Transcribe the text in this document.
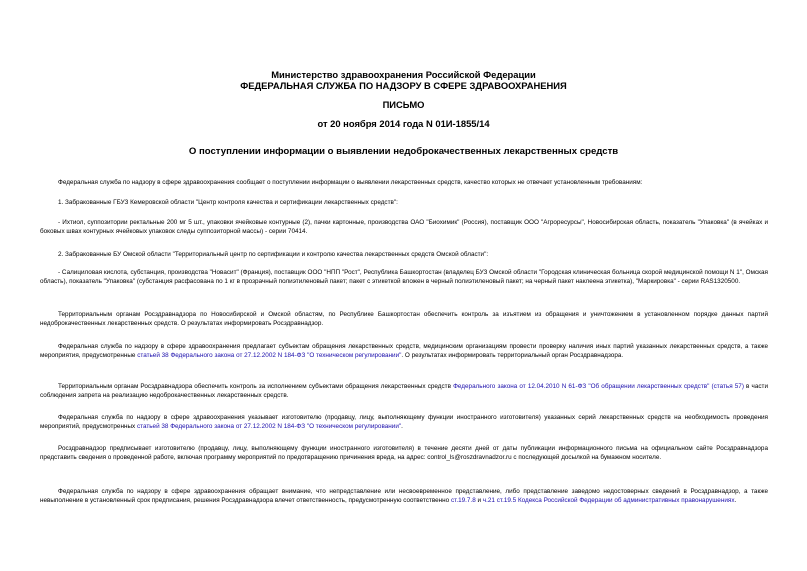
Министерство здравоохранения Российской Федерации
ФЕДЕРАЛЬНАЯ СЛУЖБА ПО НАДЗОРУ В СФЕРЕ ЗДРАВООХРАНЕНИЯ
ПИСЬМО
от 20 ноября 2014 года N 01И-1855/14
О поступлении информации о выявлении недоброкачественных лекарственных средств

Федеральная служба по надзору в сфере здравоохранения сообщает о поступлении информации о выявлении лекарственных средств, качество которых не отвечает установленным требованиям:

1. Забракованные ГБУЗ Кемеровской области "Центр контроля качества и сертификации лекарственных средств":

- Ихтиол, суппозитории ректальные 200 мг 5 шт., упаковки ячейковые контурные (2), пачки картонные, производства ОАО "Биохимик" (Россия), поставщик ООО "Агроресурсы", Новосибирская область, показатель "Упаковка" (в ячейках и боковых швах контурных ячейковых упаковок следы суппозиторной массы) - серии 70414.

2. Забракованные БУ Омской области "Территориальный центр по сертификации и контролю качества лекарственных средств Омской области":

- Салициловая кислота, субстанция, производства "Новасит" (Франция), поставщик ООО "НПП "Рост", Республика Башкортостан (владелец БУЗ Омской области "Городская клиническая больница скорой медицинской помощи N 1", Омская область), показатель "Упаковка" (субстанция расфасована по 1 кг в прозрачный полиэтиленовый пакет; пакет с этикеткой вложен в черный полиэтиленовый пакет; на черный пакет наклеена этикетка), "Маркировка" - серии RAS1320500.

Территориальным органам Росздравнадзора по Новосибирской и Омской областям, по Республике Башкортостан обеспечить контроль за изъятием из обращения и уничтожением в установленном порядке данных партий недоброкачественных лекарственных средств. О результатах информировать Росздравнадзор.

Федеральная служба по надзору в сфере здравоохранения предлагает субъектам обращения лекарственных средств, медицинским организациям провести проверку наличия иных партий указанных лекарственных средств, а также мероприятия, предусмотренные статьей 38 Федерального закона от 27.12.2002 N 184-ФЗ "О техническом регулировании". О результатах информировать территориальный орган Росздравнадзора.

Территориальным органам Росздравнадзора обеспечить контроль за исполнением субъектами обращения лекарственных средств Федерального закона от 12.04.2010 N 61-ФЗ "Об обращении лекарственных средств" (статья 57) в части соблюдения запрета на реализацию недоброкачественных лекарственных средств.

Федеральная служба по надзору в сфере здравоохранения указывает изготовителю (продавцу, лицу, выполняющему функции иностранного изготовителя) указанных серий лекарственных средств на необходимость проведения мероприятий, предусмотренных статьей 38 Федерального закона от 27.12.2002 N 184-ФЗ "О техническом регулировании".

Росздравнадзор предписывает изготовителю (продавцу, лицу, выполняющему функции иностранного изготовителя) в течение десяти дней от даты публикации информационного письма на официальном сайте Росздравнадзора представить сведения о проведенной работе, включая программу мероприятий по предотвращению причинения вреда, на адрес: control_ls@roszdravnadzor.ru с последующей досылкой на бумажном носителе.

Федеральная служба по надзору в сфере здравоохранения обращает внимание, что непредставление или несвоевременное представление, либо представление заведомо недостоверных сведений в Росздравнадзор, а также невыполнение в установленный срок предписания, решения Росздравнадзора влечет ответственность, предусмотренную соответственно ст.19.7.8 и ч.21 ст.19.5 Кодекса Российской Федерации об административных правонарушениях.
